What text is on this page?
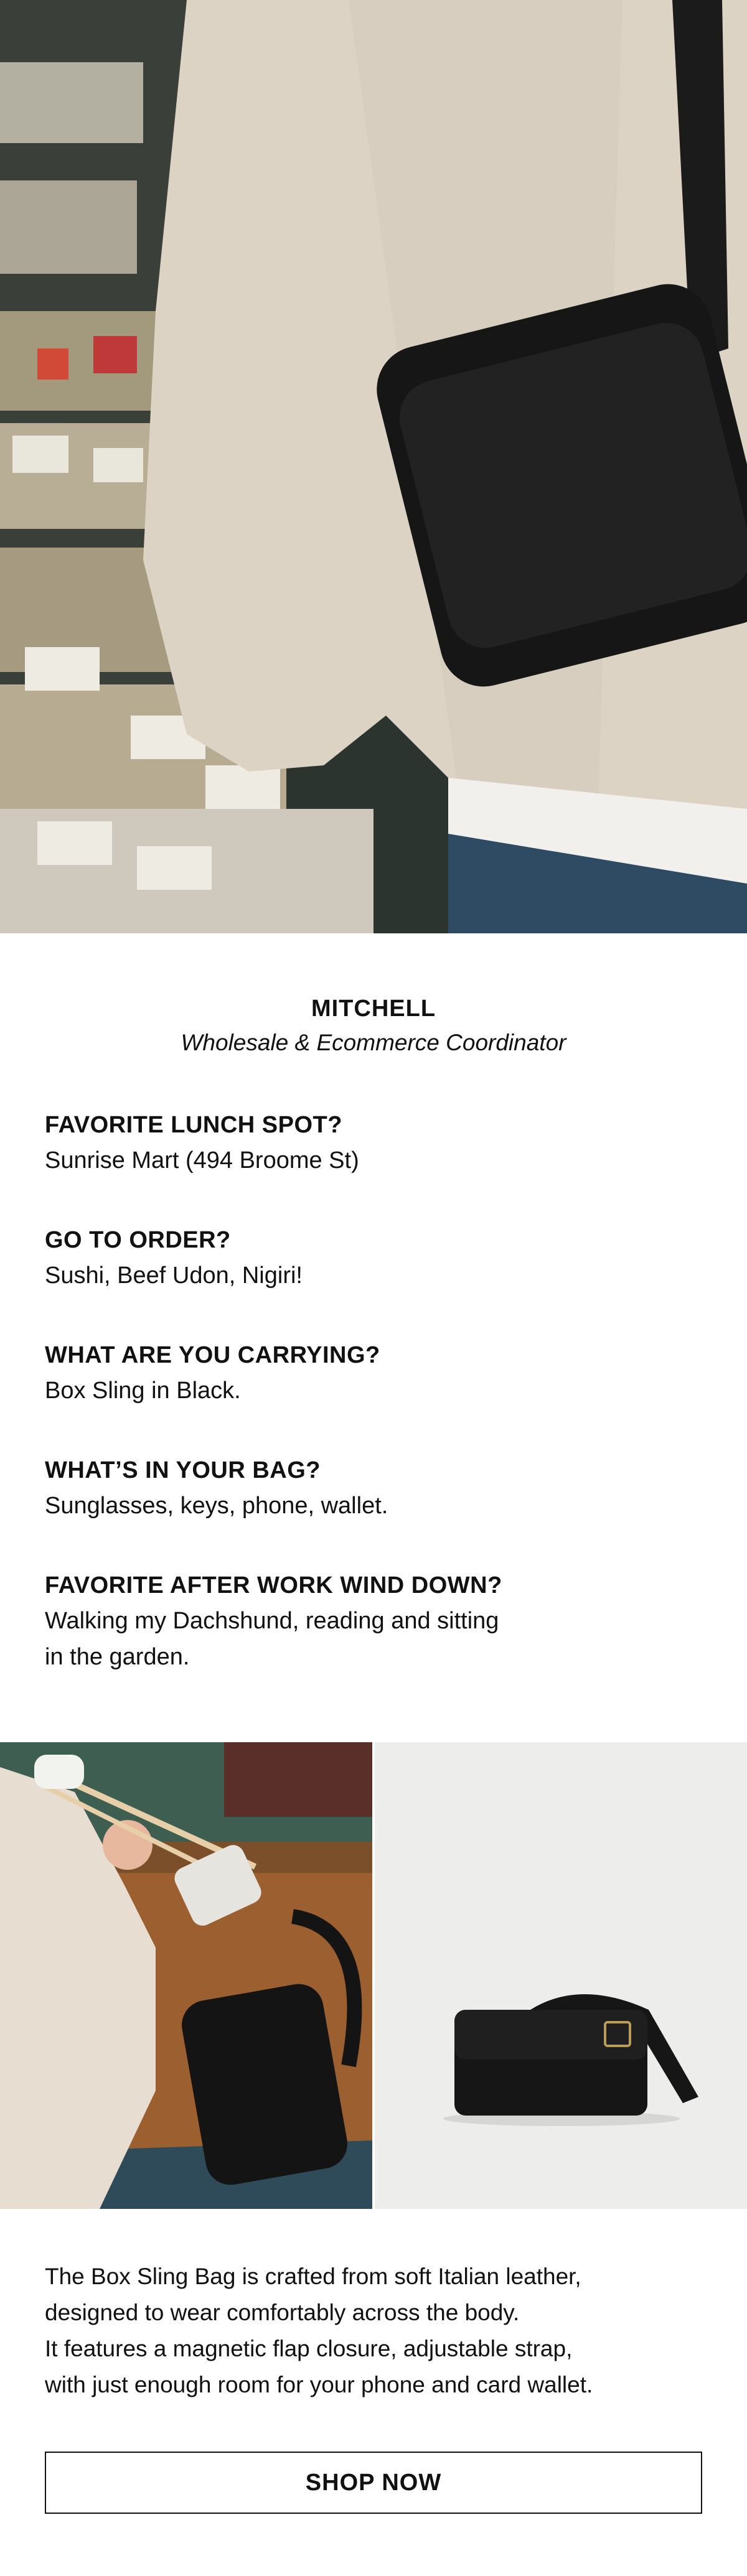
MITCHELL
Wholesale & Ecommerce Coordinator
FAVORITE LUNCH SPOT?
Sunrise Mart (494 Broome St)
GO TO ORDER?
Sushi, Beef Udon, Nigiri!
WHAT ARE YOU CARRYING?
Box Sling in Black.
WHAT’S IN YOUR BAG?
Sunglasses, keys, phone, wallet.
FAVORITE AFTER WORK WIND DOWN?
Walking my Dachshund, reading and sitting
in the garden.
The Box Sling Bag is crafted from soft Italian leather,
designed to wear comfortably across the body.
It features a magnetic flap closure, adjustable strap,
with just enough room for your phone and card wallet.
SHOP NOW
